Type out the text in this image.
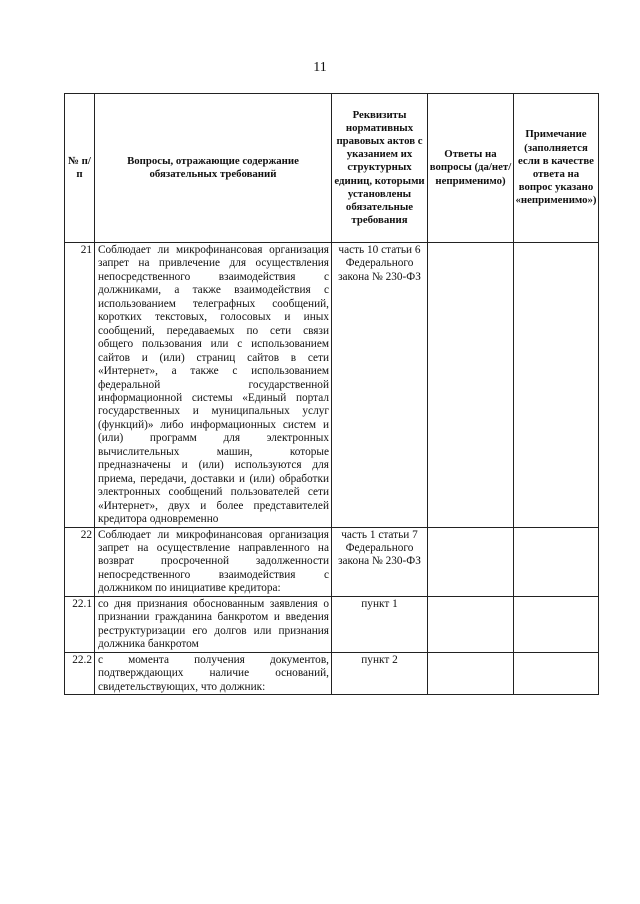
11
№ п/п	Вопросы, отражающие содержание обязательных требований	Реквизиты нормативных правовых актов с указанием их структурных единиц, которыми установлены обязательные требования	Ответы на вопросы (да/нет/ неприменимо)	Примечание (заполняется если в качестве ответа на вопрос указано «неприменимо»)
21	Соблюдает ли микрофинансовая организация запрет на привлечение для осуществления непосредственного взаимодействия с должниками, а также взаимодействия с использованием телеграфных сообщений, коротких текстовых, голосовых и иных сообщений, передаваемых по сети связи общего пользования или с использованием сайтов и (или) страниц сайтов в сети «Интернет», а также с использованием федеральной государственной информационной системы «Единый портал государственных и муниципальных услуг (функций)» либо информационных систем и (или) программ для электронных вычислительных машин, которые предназначены и (или) используются для приема, передачи, доставки и (или) обработки электронных сообщений пользователей сети «Интернет», двух и более представителей кредитора одновременно	часть 10 статьи 6 Федерального закона № 230-ФЗ		
22	Соблюдает ли микрофинансовая организация запрет на осуществление направленного на возврат просроченной задолженности непосредственного взаимодействия с должником по инициативе кредитора:	часть 1 статьи 7 Федерального закона № 230-ФЗ		
22.1	со дня признания обоснованным заявления о признании гражданина банкротом и введения реструктуризации его долгов или признания должника банкротом	пункт 1		
22.2	с момента получения документов, подтверждающих наличие оснований, свидетельствующих, что должник:	пункт 2		
